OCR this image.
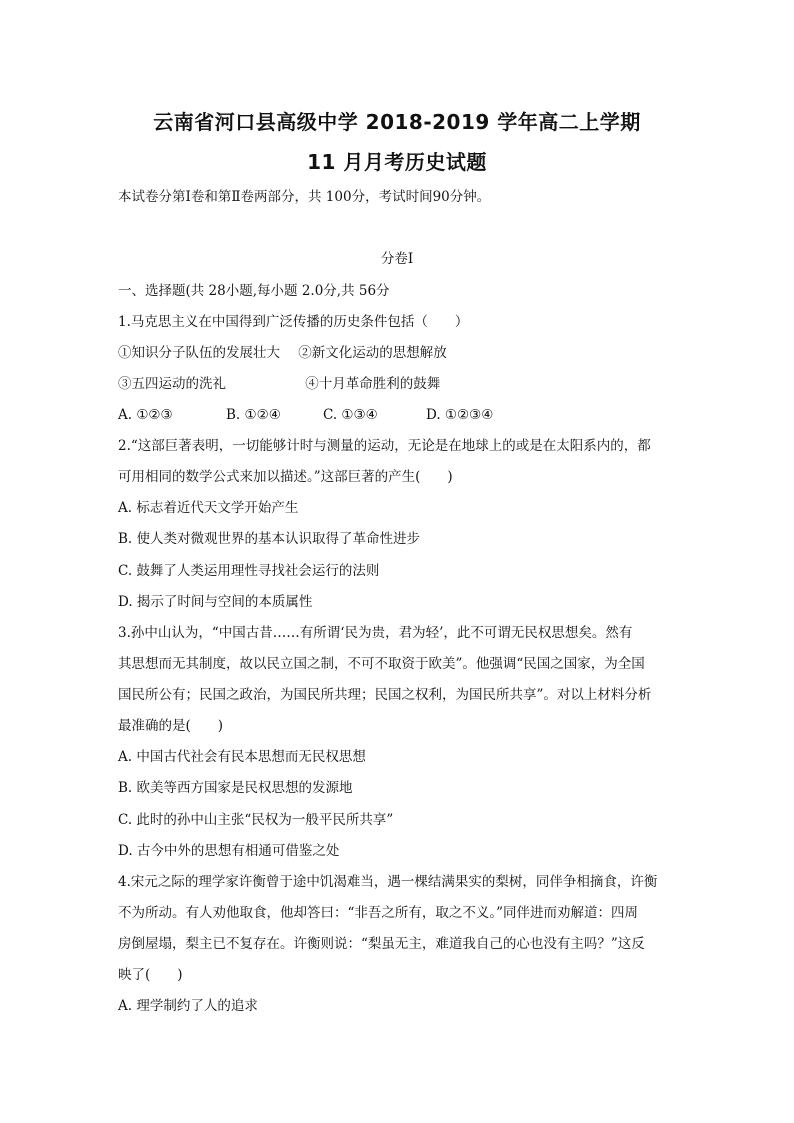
云南省河口县高级中学 2018-2019 学年高二上学期
11 月月考历史试题
本试卷分第Ⅰ卷和第Ⅱ卷两部分，共 100分，考试时间90分钟。
分卷I
一、选择题(共 28小题,每小题 2.0分,共 56分
1.马克思主义在中国得到广泛传播的历史条件包括（　　）
①知识分子队伍的发展壮大 ②新文化运动的思想解放
③五四运动的洗礼	④十月革命胜利的鼓舞
A. ①②③	B. ①②④	C. ①③④	D. ①②③④
2.“这部巨著表明，一切能够计时与测量的运动，无论是在地球上的或是在太阳系内的，都
可用相同的数学公式来加以描述。”这部巨著的产生(　　)
A. 标志着近代天文学开始产生
B. 使人类对微观世界的基本认识取得了革命性进步
C. 鼓舞了人类运用理性寻找社会运行的法则
D. 揭示了时间与空间的本质属性
3.孙中山认为，“中国古昔……有所谓‘民为贵，君为轻’，此不可谓无民权思想矣。然有
其思想而无其制度，故以民立国之制，不可不取资于欧美”。他强调“民国之国家，为全国
国民所公有；民国之政治，为国民所共理；民国之权利，为国民所共享”。对以上材料分析
最准确的是(　　)
A. 中国古代社会有民本思想而无民权思想
B. 欧美等西方国家是民权思想的发源地
C. 此时的孙中山主张“民权为一般平民所共享”
D. 古今中外的思想有相通可借鉴之处
4.宋元之际的理学家许衡曾于途中饥渴难当，遇一棵结满果实的梨树，同伴争相摘食，许衡
不为所动。有人劝他取食，他却答曰：“非吾之所有，取之不义。”同伴进而劝解道：四周
房倒屋塌，梨主已不复存在。许衡则说：“梨虽无主，难道我自己的心也没有主吗？”这反
映了(　　)
A. 理学制约了人的追求
